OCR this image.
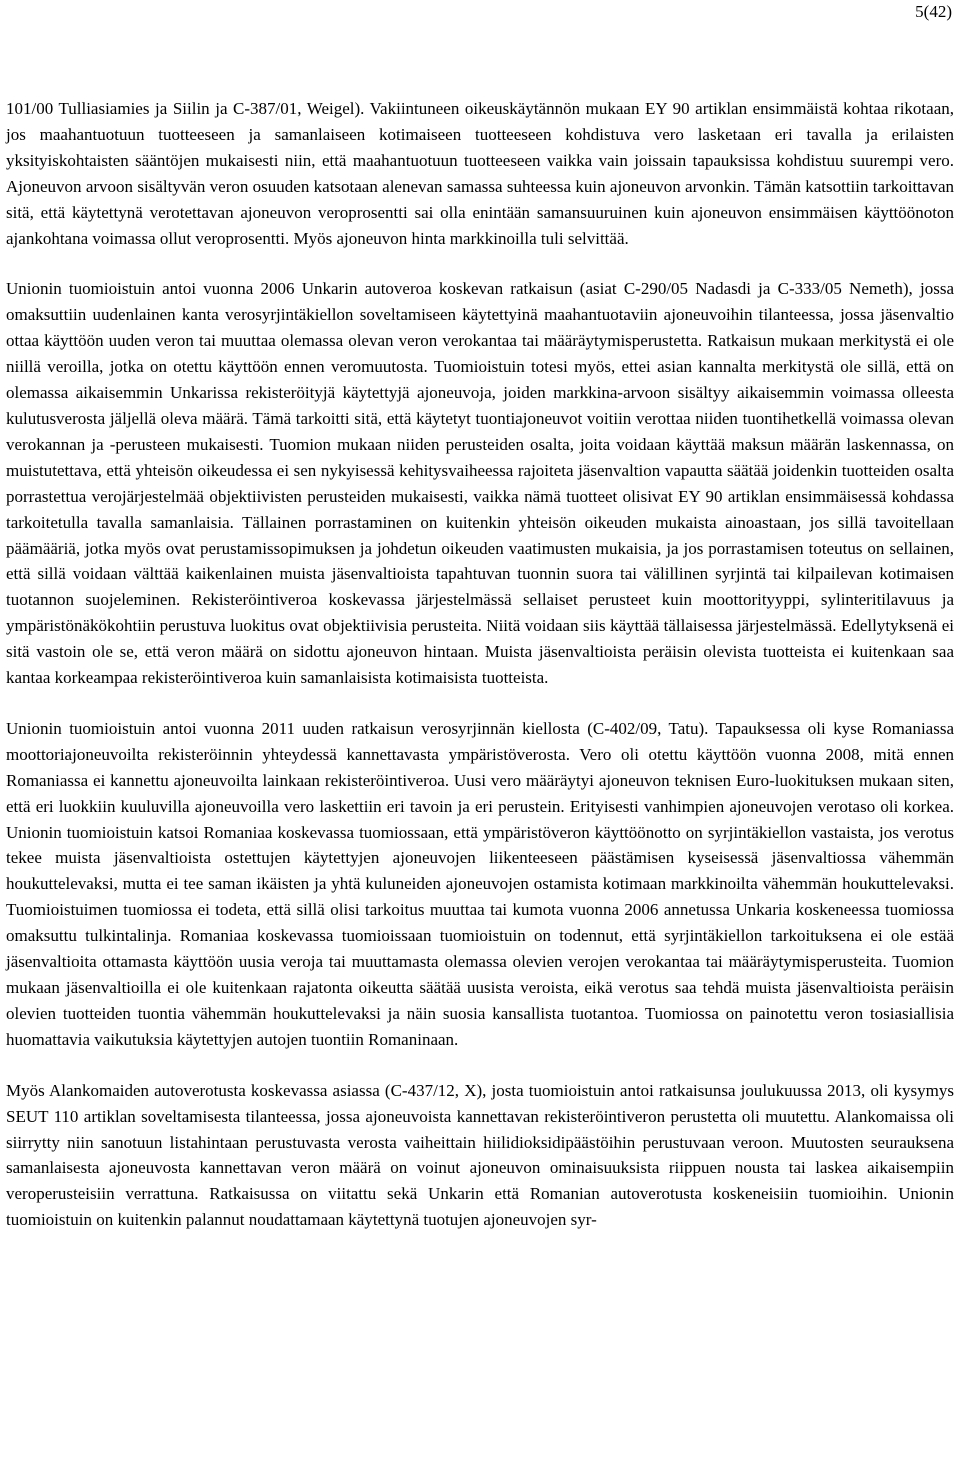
5(42)

101/00 Tulliasiamies ja Siilin ja C-387/01, Weigel). Vakiintuneen oikeuskäytännön mukaan EY 90 artiklan ensimmäistä kohtaa rikotaan, jos maahantuotuun tuotteeseen ja samanlaiseen kotimaiseen tuotteeseen kohdistuva vero lasketaan eri tavalla ja erilaisten yksityiskohtaisten sääntöjen mukaisesti niin, että maahantuotuun tuotteeseen vaikka vain joissain tapauksissa kohdistuu suurempi vero. Ajoneuvon arvoon sisältyvän veron osuuden katsotaan alenevan samassa suhteessa kuin ajoneuvon arvonkin. Tämän katsottiin tarkoittavan sitä, että käytettynä verotettavan ajoneuvon veroprosentti sai olla enintään samansuuruinen kuin ajoneuvon ensimmäisen käyttöönoton ajankohtana voimassa ollut veroprosentti. Myös ajoneuvon hinta markkinoilla tuli selvittää.

Unionin tuomioistuin antoi vuonna 2006 Unkarin autoveroa koskevan ratkaisun (asiat C-290/05 Nadasdi ja C-333/05 Nemeth), jossa omaksuttiin uudenlainen kanta verosyrjintäkiellon soveltamiseen käytettyinä maahantuotaviin ajoneuvoihin tilanteessa, jossa jäsenvaltio ottaa käyttöön uuden veron tai muuttaa olemassa olevan veron verokantaa tai määräytymisperustetta. Ratkaisun mukaan merkitystä ei ole niillä veroilla, jotka on otettu käyttöön ennen veromuutosta. Tuomioistuin totesi myös, ettei asian kannalta merkitystä ole sillä, että on olemassa aikaisemmin Unkarissa rekisteröityjä käytettyjä ajoneuvoja, joiden markkina-arvoon sisältyy aikaisemmin voimassa olleesta kulutusverosta jäljellä oleva määrä. Tämä tarkoitti sitä, että käytetyt tuontiajoneuvot voitiin verottaa niiden tuontihetkellä voimassa olevan verokannan ja -perusteen mukaisesti. Tuomion mukaan niiden perusteiden osalta, joita voidaan käyttää maksun määrän laskennassa, on muistutettava, että yhteisön oikeudessa ei sen nykyisessä kehitysvaiheessa rajoiteta jäsenvaltion vapautta säätää joidenkin tuotteiden osalta porrastettua verojärjestelmää objektiivisten perusteiden mukaisesti, vaikka nämä tuotteet olisivat EY 90 artiklan ensimmäisessä kohdassa tarkoitetulla tavalla samanlaisia. Tällainen porrastaminen on kuitenkin yhteisön oikeuden mukaista ainoastaan, jos sillä tavoitellaan päämääriä, jotka myös ovat perustamissopimuksen ja johdetun oikeuden vaatimusten mukaisia, ja jos porrastamisen toteutus on sellainen, että sillä voidaan välttää kaikenlainen muista jäsenvaltioista tapahtuvan tuonnin suora tai välillinen syrjintä tai kilpailevan kotimaisen tuotannon suojeleminen. Rekisteröintiveroa koskevassa järjestelmässä sellaiset perusteet kuin moottorityyppi, sylinteritilavuus ja ympäristönäkökohtiin perustuva luokitus ovat objektiivisia perusteita. Niitä voidaan siis käyttää tällaisessa järjestelmässä. Edellytyksenä ei sitä vastoin ole se, että veron määrä on sidottu ajoneuvon hintaan. Muista jäsenvaltioista peräisin olevista tuotteista ei kuitenkaan saa kantaa korkeampaa rekisteröintiveroa kuin samanlaisista kotimaisista tuotteista.

Unionin tuomioistuin antoi vuonna 2011 uuden ratkaisun verosyrjinnän kiellosta (C-402/09, Tatu). Tapauksessa oli kyse Romaniassa moottoriajoneuvoilta rekisteröinnin yhteydessä kannettavasta ympäristöverosta. Vero oli otettu käyttöön vuonna 2008, mitä ennen Romaniassa ei kannettu ajoneuvoilta lainkaan rekisteröintiveroa. Uusi vero määräytyi ajoneuvon teknisen Euro-luokituksen mukaan siten, että eri luokkiin kuuluvilla ajoneuvoilla vero laskettiin eri tavoin ja eri perustein. Erityisesti vanhimpien ajoneuvojen verotaso oli korkea. Unionin tuomioistuin katsoi Romaniaa koskevassa tuomiossaan, että ympäristöveron käyttöönotto on syrjintäkiellon vastaista, jos verotus tekee muista jäsenvaltioista ostettujen käytettyjen ajoneuvojen liikenteeseen päästämisen kyseisessä jäsenvaltiossa vähemmän houkuttelevaksi, mutta ei tee saman ikäisten ja yhtä kuluneiden ajoneuvojen ostamista kotimaan markkinoilta vähemmän houkuttelevaksi. Tuomioistuimen tuomiossa ei todeta, että sillä olisi tarkoitus muuttaa tai kumota vuonna 2006 annetussa Unkaria koskeneessa tuomiossa omaksuttu tulkintalinja. Romaniaa koskevassa tuomioissaan tuomioistuin on todennut, että syrjintäkiellon tarkoituksena ei ole estää jäsenvaltioita ottamasta käyttöön uusia veroja tai muuttamasta olemassa olevien verojen verokantaa tai määräytymisperusteita. Tuomion mukaan jäsenvaltioilla ei ole kuitenkaan rajatonta oikeutta säätää uusista veroista, eikä verotus saa tehdä muista jäsenvaltioista peräisin olevien tuotteiden tuontia vähemmän houkuttelevaksi ja näin suosia kansallista tuotantoa. Tuomiossa on painotettu veron tosiasiallisia huomattavia vaikutuksia käytettyjen autojen tuontiin Romaninaan.

Myös Alankomaiden autoverotusta koskevassa asiassa (C-437/12, X), josta tuomioistuin antoi ratkaisunsa joulukuussa 2013, oli kysymys SEUT 110 artiklan soveltamisesta tilanteessa, jossa ajoneuvoista kannettavan rekisteröintiveron perustetta oli muutettu. Alankomaissa oli siirrytty niin sanotuun listahintaan perustuvasta verosta vaiheittain hiilidioksidipäästöihin perustuvaan veroon. Muutosten seurauksena samanlaisesta ajoneuvosta kannettavan veron määrä on voinut ajoneuvon ominaisuuksista riippuen nousta tai laskea aikaisempiin veroperusteisiin verrattuna. Ratkaisussa on viitattu sekä Unkarin että Romanian autoverotusta koskeneisiin tuomioihin. Unionin tuomioistuin on kuitenkin palannut noudattamaan käytettynä tuotujen ajoneuvojen syr-
